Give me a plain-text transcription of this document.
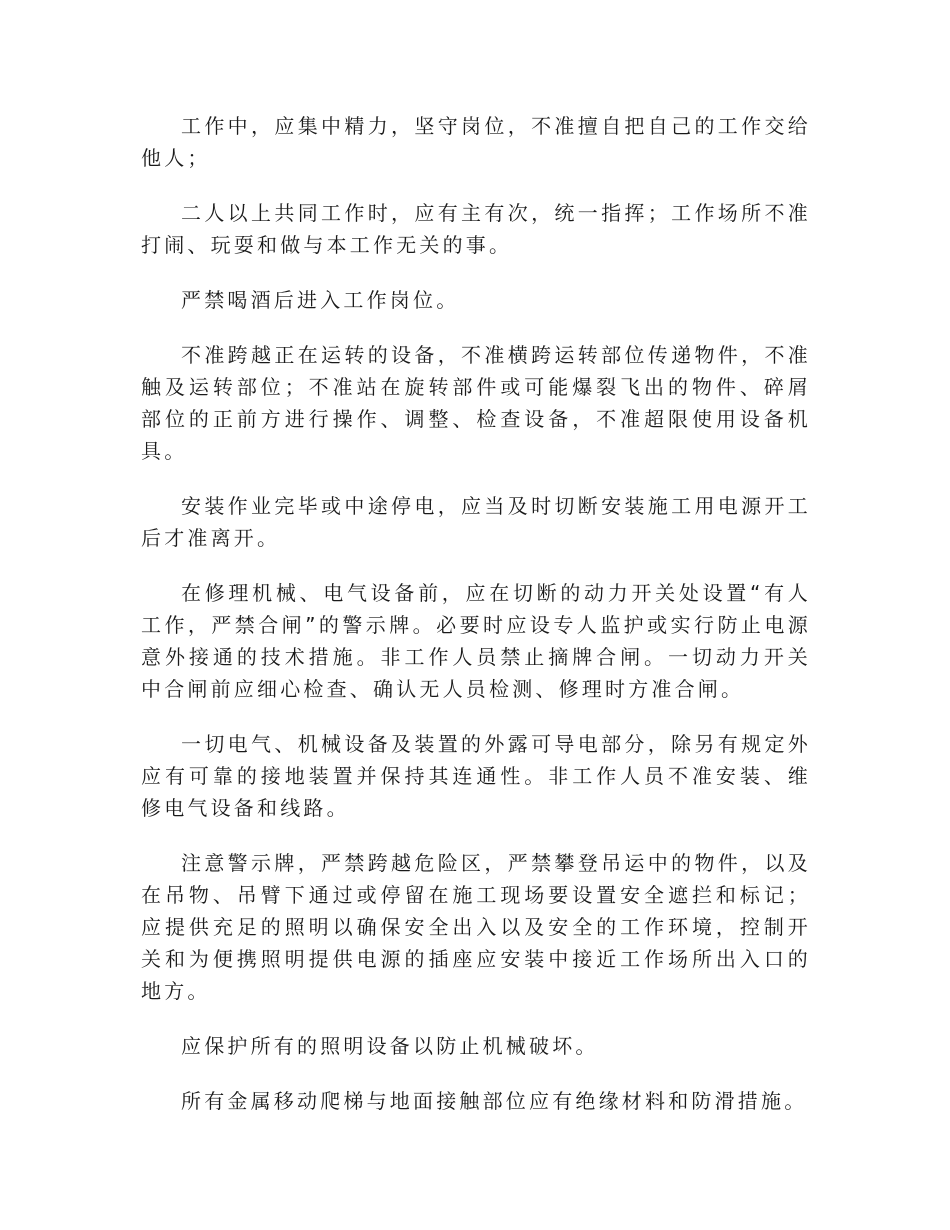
工作中，应集中精力，坚守岗位，不准擅自把自己的工作交给他人；

二人以上共同工作时，应有主有次，统一指挥；工作场所不准打闹、玩耍和做与本工作无关的事。

严禁喝酒后进入工作岗位。

不准跨越正在运转的设备，不准横跨运转部位传递物件，不准触及运转部位；不准站在旋转部件或可能爆裂飞出的物件、碎屑部位的正前方进行操作、调整、检查设备，不准超限使用设备机具。

安装作业完毕或中途停电，应当及时切断安装施工用电源开工后才准离开。

在修理机械、电气设备前，应在切断的动力开关处设置“有人工作，严禁合闸”的警示牌。必要时应设专人监护或实行防止电源意外接通的技术措施。非工作人员禁止摘牌合闸。一切动力开关中合闸前应细心检查、确认无人员检测、修理时方准合闸。

一切电气、机械设备及装置的外露可导电部分，除另有规定外应有可靠的接地装置并保持其连通性。非工作人员不准安装、维修电气设备和线路。

注意警示牌，严禁跨越危险区，严禁攀登吊运中的物件，以及在吊物、吊臂下通过或停留在施工现场要设置安全遮拦和标记；应提供充足的照明以确保安全出入以及安全的工作环境，控制开关和为便携照明提供电源的插座应安装中接近工作场所出入口的地方。

应保护所有的照明设备以防止机械破坏。

所有金属移动爬梯与地面接触部位应有绝缘材料和防滑措施。
